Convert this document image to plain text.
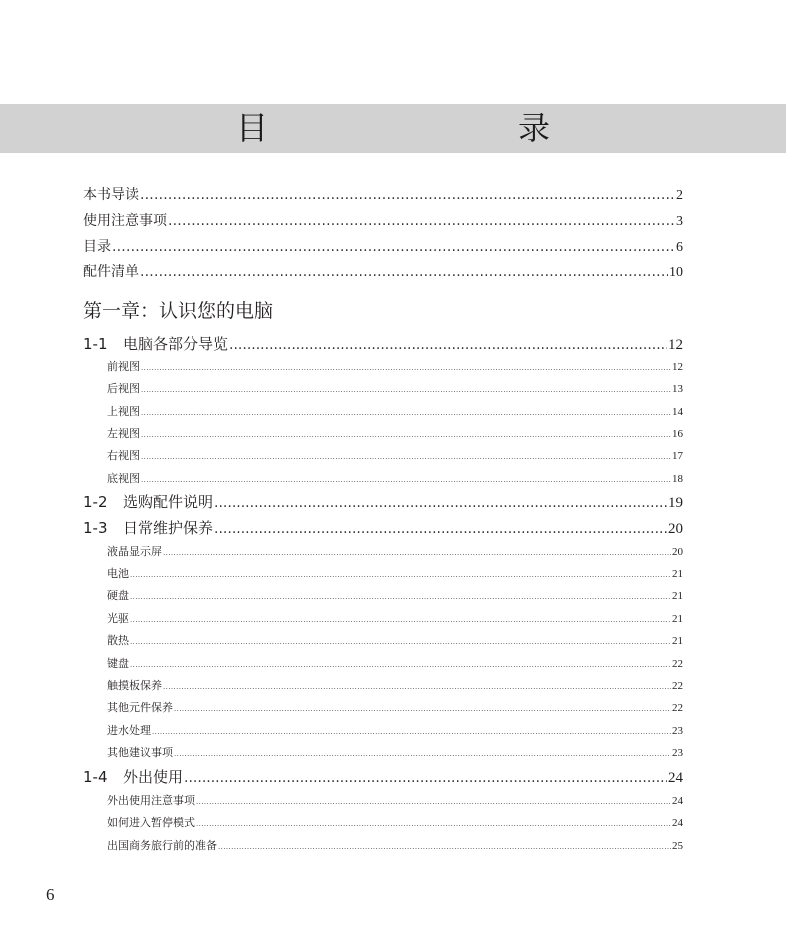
目　　录
本书导读 .....	2
使用注意事项 .....	3
目录 .....	6
配件清单 .....	10
第一章：认识您的电脑
1-1	电脑各部分导览 .....	12
前视图 .....	12
后视图 .....	13
上视图 .....	14
左视图 .....	16
右视图 .....	17
底视图 .....	18
1-2	选购配件说明 .....	19
1-3	日常维护保养 .....	20
液晶显示屏 .....	20
电池 .....	21
硬盘 .....	21
光驱 .....	21
散热 .....	21
键盘 .....	22
触摸板保养 .....	22
其他元件保养 .....	22
进水处理 .....	23
其他建议事项 .....	23
1-4	外出使用 .....	24
外出使用注意事项 .....	24
如何进入暂停模式 .....	24
出国商务旅行前的准备 .....	25
6
